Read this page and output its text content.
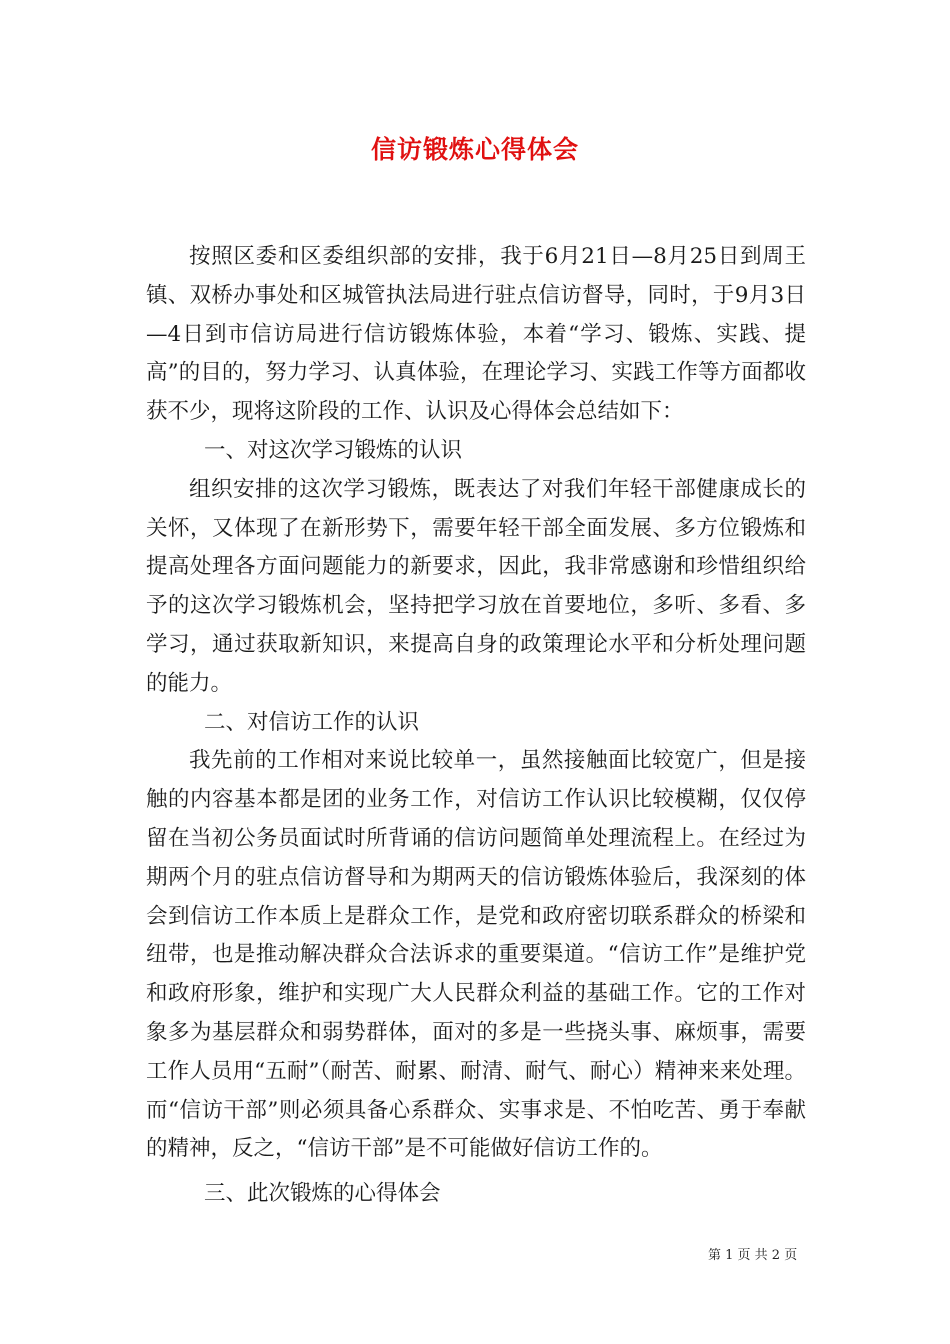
信访锻炼心得体会

按照区委和区委组织部的安排，我于6月21日—8月25日到周王镇、双桥办事处和区城管执法局进行驻点信访督导，同时，于9月3日—4日到市信访局进行信访锻炼体验，本着“学习、锻炼、实践、提高”的目的，努力学习、认真体验，在理论学习、实践工作等方面都收获不少，现将这阶段的工作、认识及心得体会总结如下：

一、对这次学习锻炼的认识

组织安排的这次学习锻炼，既表达了对我们年轻干部健康成长的关怀，又体现了在新形势下，需要年轻干部全面发展、多方位锻炼和提高处理各方面问题能力的新要求，因此，我非常感谢和珍惜组织给予的这次学习锻炼机会，坚持把学习放在首要地位，多听、多看、多学习，通过获取新知识，来提高自身的政策理论水平和分析处理问题的能力。

二、对信访工作的认识

我先前的工作相对来说比较单一，虽然接触面比较宽广，但是接触的内容基本都是团的业务工作，对信访工作认识比较模糊，仅仅停留在当初公务员面试时所背诵的信访问题简单处理流程上。在经过为期两个月的驻点信访督导和为期两天的信访锻炼体验后，我深刻的体会到信访工作本质上是群众工作，是党和政府密切联系群众的桥梁和纽带，也是推动解决群众合法诉求的重要渠道。“信访工作”是维护党和政府形象，维护和实现广大人民群众利益的基础工作。它的工作对象多为基层群众和弱势群体，面对的多是一些挠头事、麻烦事，需要工作人员用“五耐”（耐苦、耐累、耐清、耐气、耐心）精神来来处理。而“信访干部”则必须具备心系群众、实事求是、不怕吃苦、勇于奉献的精神，反之，“信访干部”是不可能做好信访工作的。

三、此次锻炼的心得体会

第 1 页 共 2 页
